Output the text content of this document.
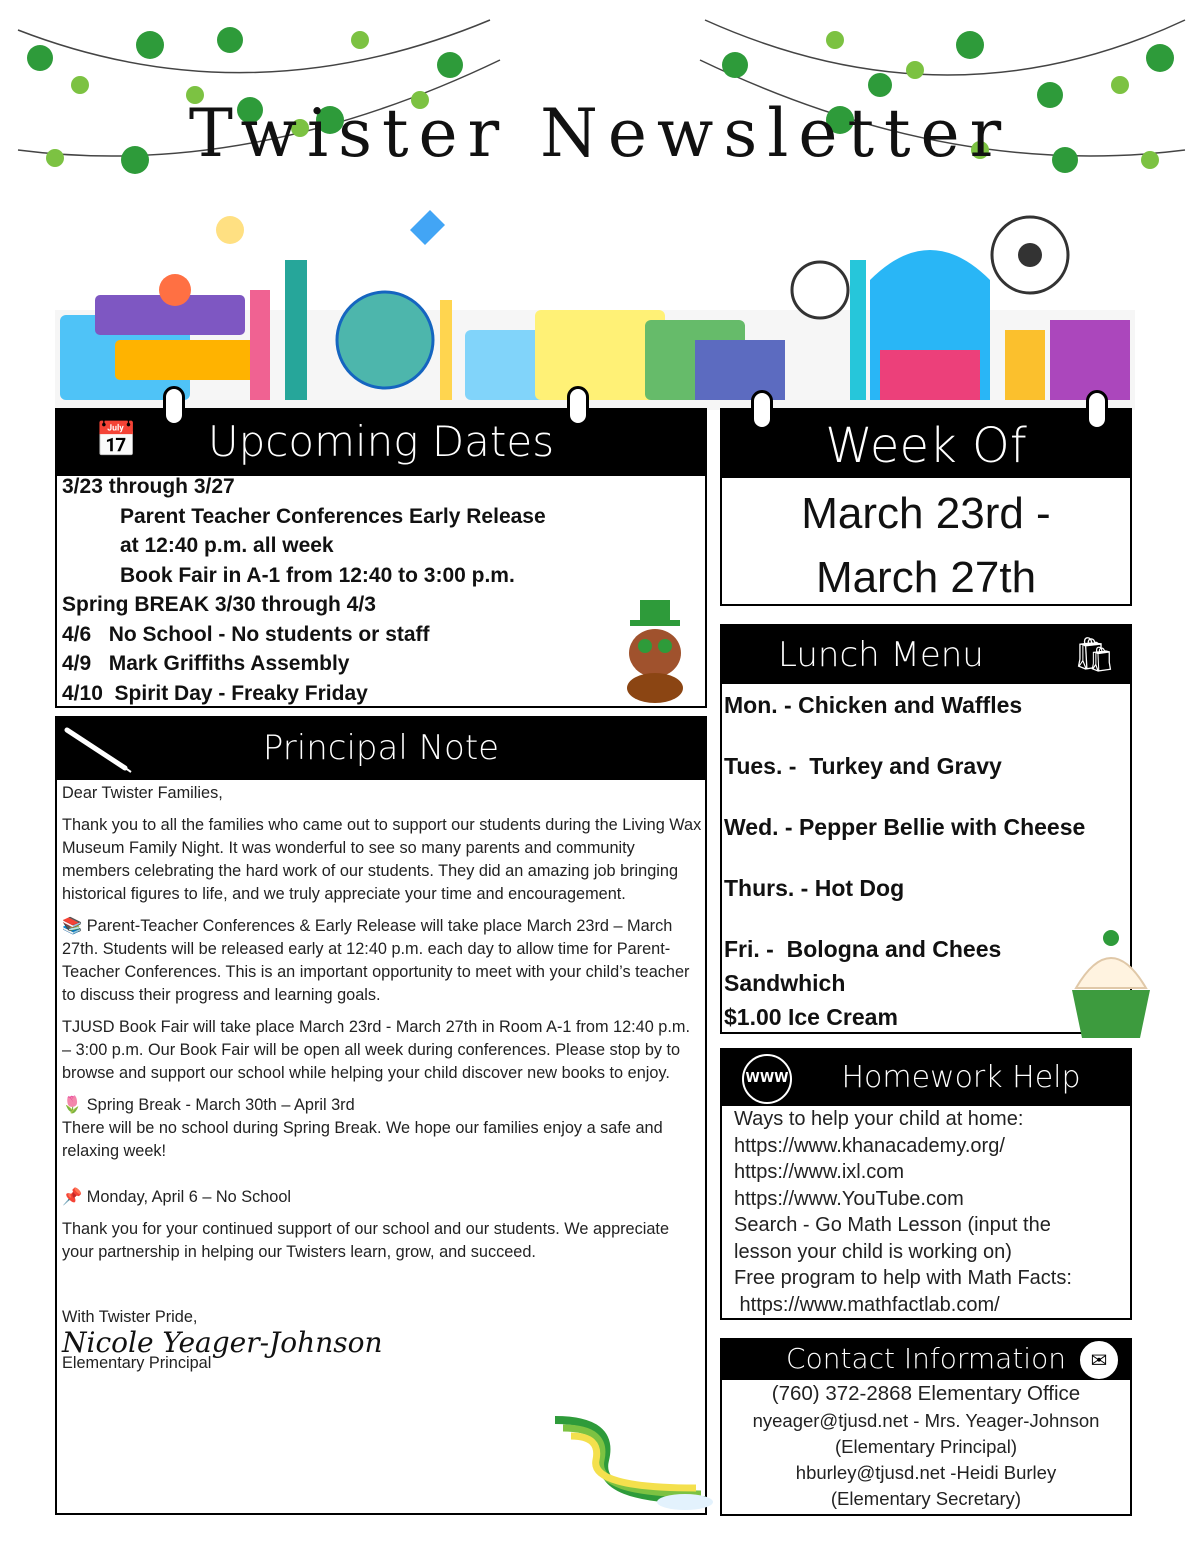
Twister Newsletter
📅 Upcoming Dates
3/23 through 3/27
Parent Teacher Conferences Early Release
at 12:40 p.m. all week
Book Fair in A-1 from 12:40 to 3:00 p.m.
Spring BREAK 3/30 through 4/3
4/6   No School - No students or staff
4/9   Mark Griffiths Assembly
4/10  Spirit Day - Freaky Friday
Principal Note

Dear Twister Families,

Thank you to all the families who came out to support our students during the Living Wax Museum Family Night. It was wonderful to see so many parents and community members celebrating the hard work of our students. They did an amazing job bringing historical figures to life, and we truly appreciate your time and encouragement.

📚 Parent-Teacher Conferences & Early Release will take place March 23rd – March 27th. Students will be released early at 12:40 p.m. each day to allow time for Parent-Teacher Conferences. This is an important opportunity to meet with your child’s teacher to discuss their progress and learning goals.

TJUSD Book Fair will take place March 23rd - March 27th in Room A-1 from 12:40 p.m. – 3:00 p.m. Our Book Fair will be open all week during conferences. Please stop by to browse and support our school while helping your child discover new books to enjoy.

🌷 Spring Break - March 30th – April 3rd

There will be no school during Spring Break. We hope our families enjoy a safe and relaxing week!

📌 Monday, April 6 – No School

Thank you for your continued support of our school and our students. We appreciate your partnership in helping our Twisters learn, grow, and succeed.

With Twister Pride,
Nicole Yeager-Johnson
Elementary Principal
Week Of
March 23rd -
March 27th
Lunch Menu	🛍
Mon. - Chicken and Waffles
Tues. -  Turkey and Gravy
Wed. - Pepper Bellie with Cheese
Thurs. - Hot Dog
Fri. -  Bologna and Chees
Sandwhich
$1.00 Ice Cream
WWW Homework Help
Ways to help your child at home:
https://www.khanacademy.org/
https://www.ixl.com
https://www.YouTube.com
Search - Go Math Lesson (input the
lesson your child is working on)
Free program to help with Math Facts:
https://www.mathfactlab.com/
Contact Information	✉
(760) 372-2868 Elementary Office
nyeager@tjusd.net - Mrs. Yeager-Johnson
(Elementary Principal)
hburley@tjusd.net -Heidi Burley
(Elementary Secretary)
